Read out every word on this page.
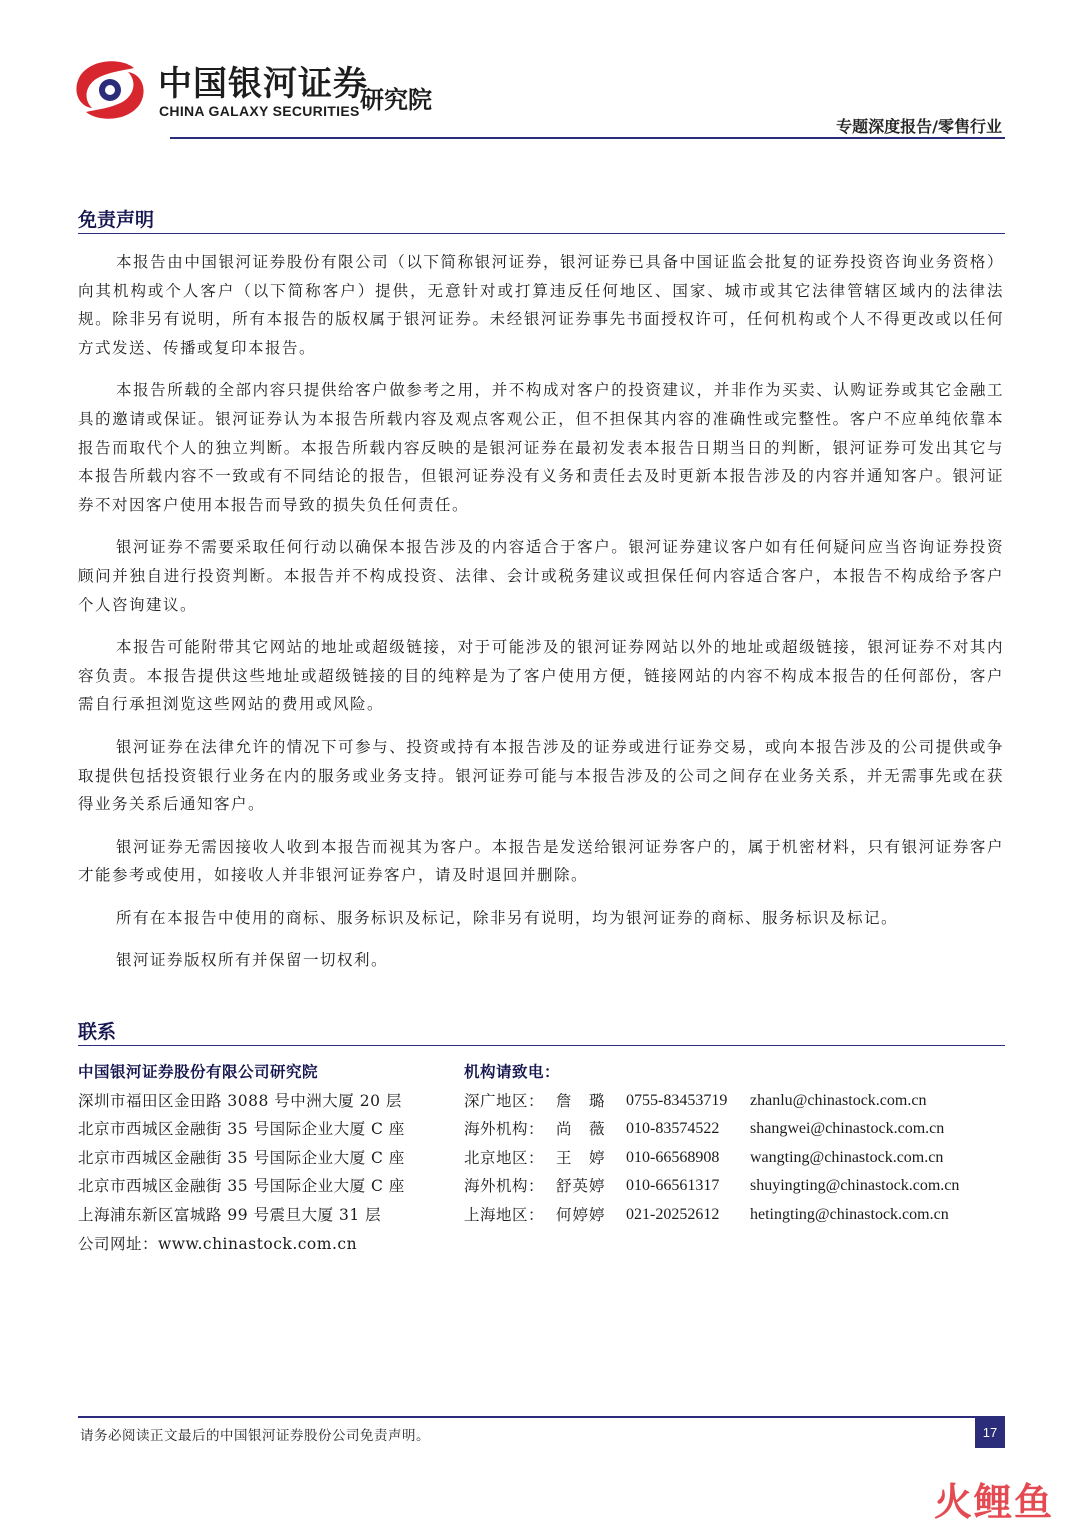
中国银河证券
CHINA GALAXY SECURITIES 研究院
专题深度报告/零售行业
免责声明

本报告由中国银河证券股份有限公司（以下简称银河证券，银河证券已具备中国证监会批复的证券投资咨询业务资格）向其机构或个人客户（以下简称客户）提供，无意针对或打算违反任何地区、国家、城市或其它法律管辖区域内的法律法规。除非另有说明，所有本报告的版权属于银河证券。未经银河证券事先书面授权许可，任何机构或个人不得更改或以任何方式发送、传播或复印本报告。

本报告所载的全部内容只提供给客户做参考之用，并不构成对客户的投资建议，并非作为买卖、认购证券或其它金融工具的邀请或保证。银河证券认为本报告所载内容及观点客观公正，但不担保其内容的准确性或完整性。客户不应单纯依靠本报告而取代个人的独立判断。本报告所载内容反映的是银河证券在最初发表本报告日期当日的判断，银河证券可发出其它与本报告所载内容不一致或有不同结论的报告，但银河证券没有义务和责任去及时更新本报告涉及的内容并通知客户。银河证券不对因客户使用本报告而导致的损失负任何责任。

银河证券不需要采取任何行动以确保本报告涉及的内容适合于客户。银河证券建议客户如有任何疑问应当咨询证券投资顾问并独自进行投资判断。本报告并不构成投资、法律、会计或税务建议或担保任何内容适合客户，本报告不构成给予客户个人咨询建议。

本报告可能附带其它网站的地址或超级链接，对于可能涉及的银河证券网站以外的地址或超级链接，银河证券不对其内容负责。本报告提供这些地址或超级链接的目的纯粹是为了客户使用方便，链接网站的内容不构成本报告的任何部份，客户需自行承担浏览这些网站的费用或风险。

银河证券在法律允许的情况下可参与、投资或持有本报告涉及的证券或进行证券交易，或向本报告涉及的公司提供或争取提供包括投资银行业务在内的服务或业务支持。银河证券可能与本报告涉及的公司之间存在业务关系，并无需事先或在获得业务关系后通知客户。

银河证券无需因接收人收到本报告而视其为客户。本报告是发送给银河证券客户的，属于机密材料，只有银河证券客户才能参考或使用，如接收人并非银河证券客户，请及时退回并删除。

所有在本报告中使用的商标、服务标识及标记，除非另有说明，均为银河证券的商标、服务标识及标记。

银河证券版权所有并保留一切权利。

联系
中国银河证券股份有限公司研究院
深圳市福田区金田路 3088 号中洲大厦 20 层
北京市西城区金融街 35 号国际企业大厦 C 座
北京市西城区金融街 35 号国际企业大厦 C 座
北京市西城区金融街 35 号国际企业大厦 C 座
上海浦东新区富城路 99 号震旦大厦 31 层
公司网址：www.chinastock.com.cn
机构请致电：
深广地区： 詹　璐	0755-83453719	zhanlu@chinastock.com.cn
海外机构： 尚　薇	010-83574522	shangwei@chinastock.com.cn
北京地区： 王　婷	010-66568908	wangting@chinastock.com.cn
海外机构： 舒英婷	010-66561317	shuyingting@chinastock.com.cn
上海地区： 何婷婷	021-20252612	hetingting@chinastock.com.cn
请务必阅读正文最后的中国银河证券股份公司免责声明。	17
火鲤鱼
